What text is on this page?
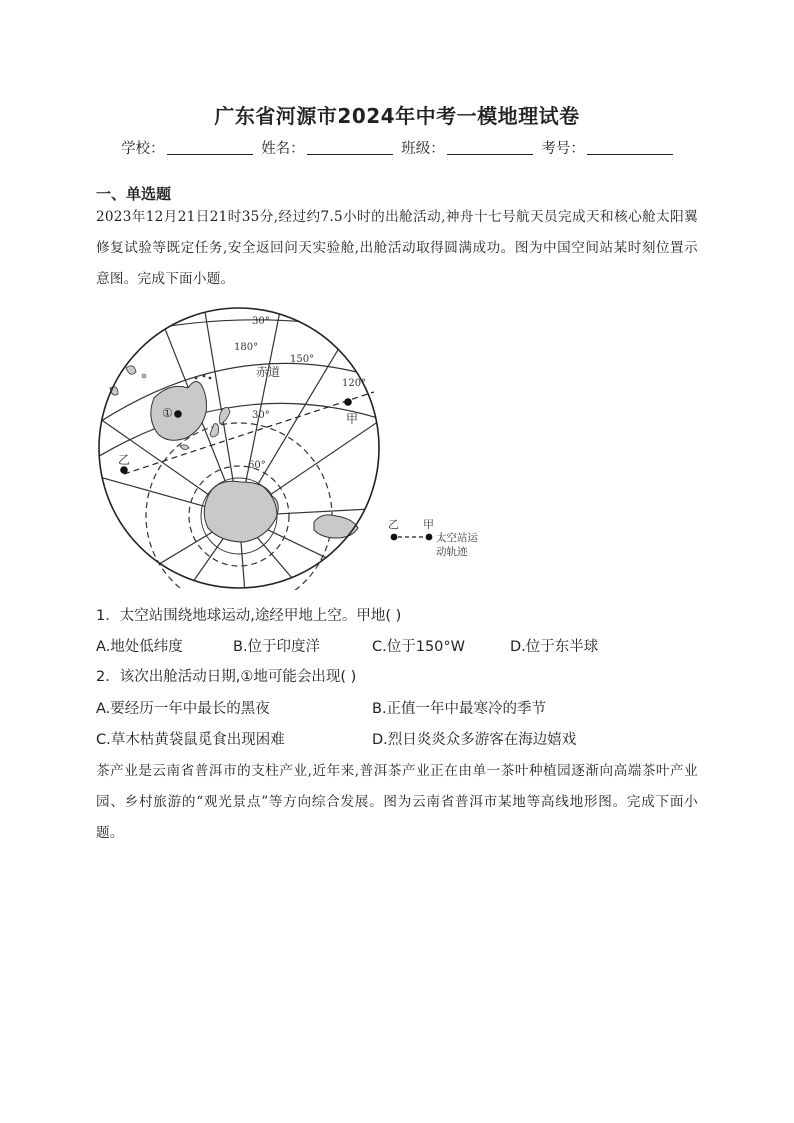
广东省河源市2024年中考一模地理试卷
学校：	姓名：	班级：	考号：
一、单选题
2023年12月21日21时35分,经过约7.5小时的出舱活动,神舟十七号航天员完成天和核心舱太阳翼修复试验等既定任务,安全返回问天实验舱,出舱活动取得圆满成功。图为中国空间站某时刻位置示意图。完成下面小题。
30°
180°
150°
120°
赤道
30°
60°
①	甲
乙
乙 甲
太空站运
动轨迹
1．太空站围绕地球运动,途经甲地上空。甲地( )
A.地处低纬度	B.位于印度洋	C.位于150°W	D.位于东半球
2．该次出舱活动日期,①地可能会出现( )
A.要经历一年中最长的黑夜	B.正值一年中最寒冷的季节
C.草木枯黄袋鼠觅食出现困难	D.烈日炎炎众多游客在海边嬉戏
茶产业是云南省普洱市的支柱产业,近年来,普洱茶产业正在由单一茶叶种植园逐渐向高端茶叶产业园、乡村旅游的“观光景点”等方向综合发展。图为云南省普洱市某地等高线地形图。完成下面小题。
